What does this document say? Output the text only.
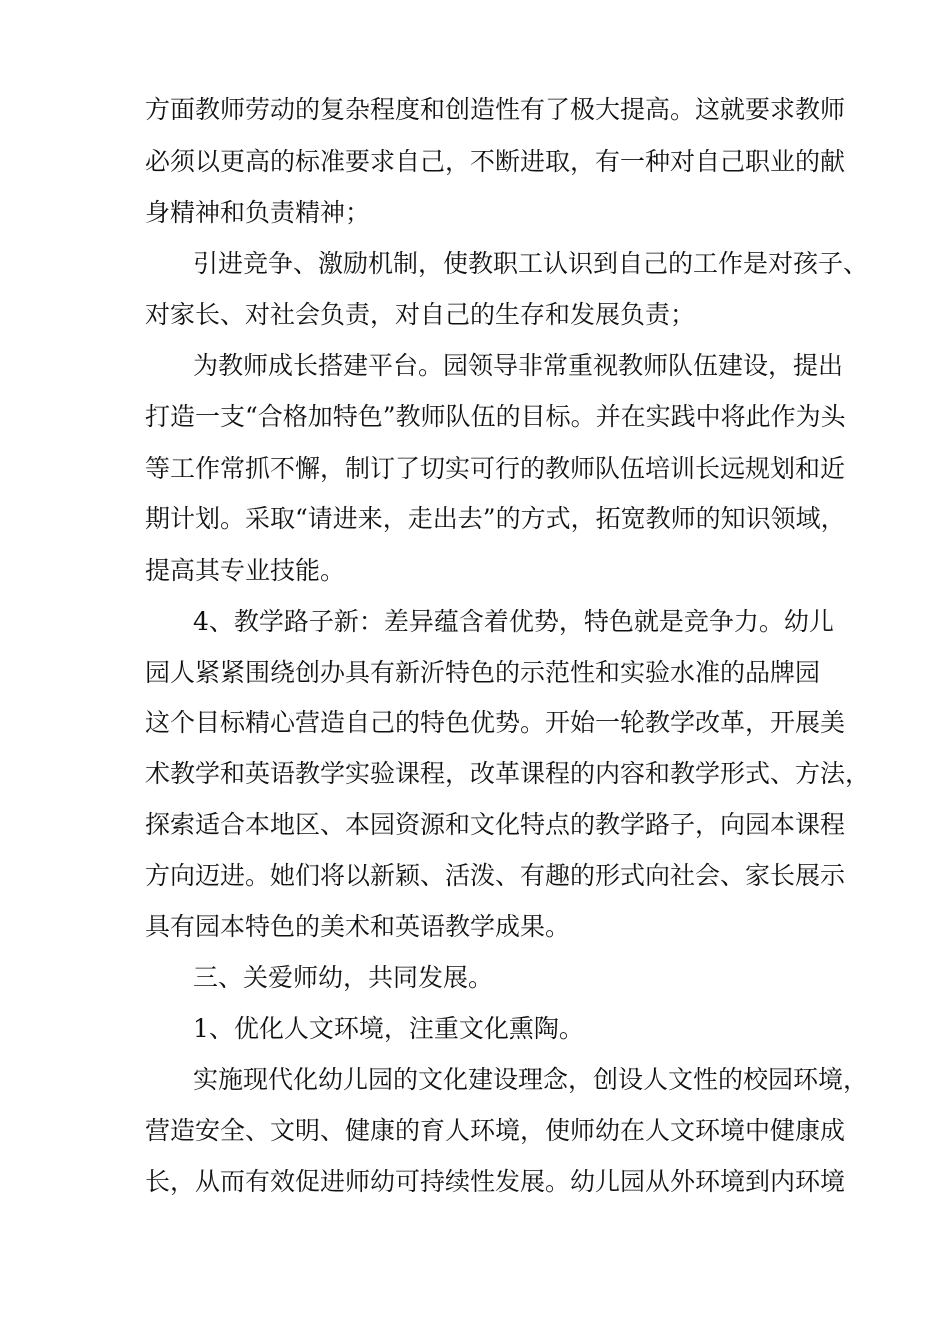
方面教师劳动的复杂程度和创造性有了极大提高。这就要求教师
必须以更高的标准要求自己，不断进取，有一种对自己职业的献
身精神和负责精神；
引进竞争、激励机制，使教职工认识到自己的工作是对孩子、
对家长、对社会负责，对自己的生存和发展负责；
为教师成长搭建平台。园领导非常重视教师队伍建设，提出
打造一支“合格加特色”教师队伍的目标。并在实践中将此作为头
等工作常抓不懈，制订了切实可行的教师队伍培训长远规划和近
期计划。采取“请进来，走出去”的方式，拓宽教师的知识领域，
提高其专业技能。
4、教学路子新：差异蕴含着优势，特色就是竞争力。幼儿
园人紧紧围绕创办具有新沂特色的示范性和实验水准的品牌园
这个目标精心营造自己的特色优势。开始一轮教学改革，开展美
术教学和英语教学实验课程，改革课程的内容和教学形式、方法，
探索适合本地区、本园资源和文化特点的教学路子，向园本课程
方向迈进。她们将以新颖、活泼、有趣的形式向社会、家长展示
具有园本特色的美术和英语教学成果。
三、关爱师幼，共同发展。
1、优化人文环境，注重文化熏陶。
实施现代化幼儿园的文化建设理念，创设人文性的校园环境，
营造安全、文明、健康的育人环境，使师幼在人文环境中健康成
长，从而有效促进师幼可持续性发展。幼儿园从外环境到内环境
